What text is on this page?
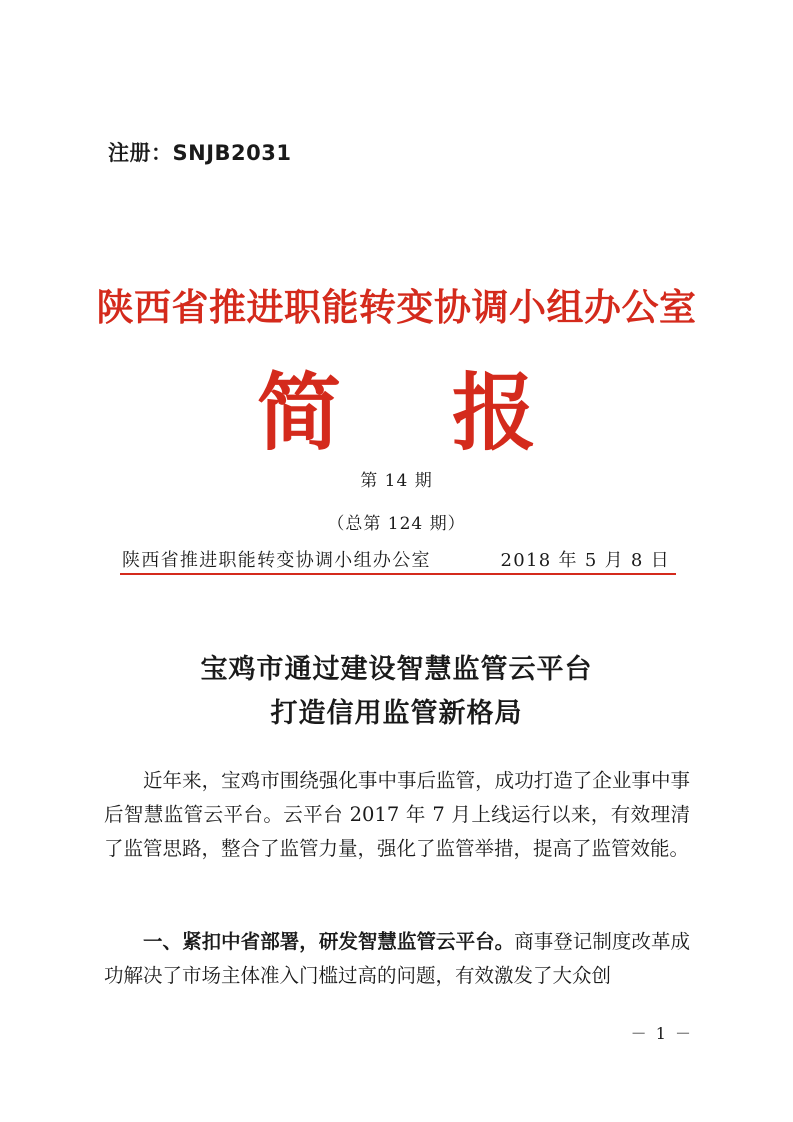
注册：SNJB2031
陕西省推进职能转变协调小组办公室
简 报
第 14 期
（总第 124 期）
陕西省推进职能转变协调小组办公室	2018 年 5 月 8 日
宝鸡市通过建设智慧监管云平台
打造信用监管新格局

近年来，宝鸡市围绕强化事中事后监管，成功打造了企业事中事后智慧监管云平台。云平台 2017 年 7 月上线运行以来，有效理清了监管思路，整合了监管力量，强化了监管举措，提高了监管效能。

一、紧扣中省部署，研发智慧监管云平台。商事登记制度改革成功解决了市场主体准入门槛过高的问题，有效激发了大众创

－ 1 －
